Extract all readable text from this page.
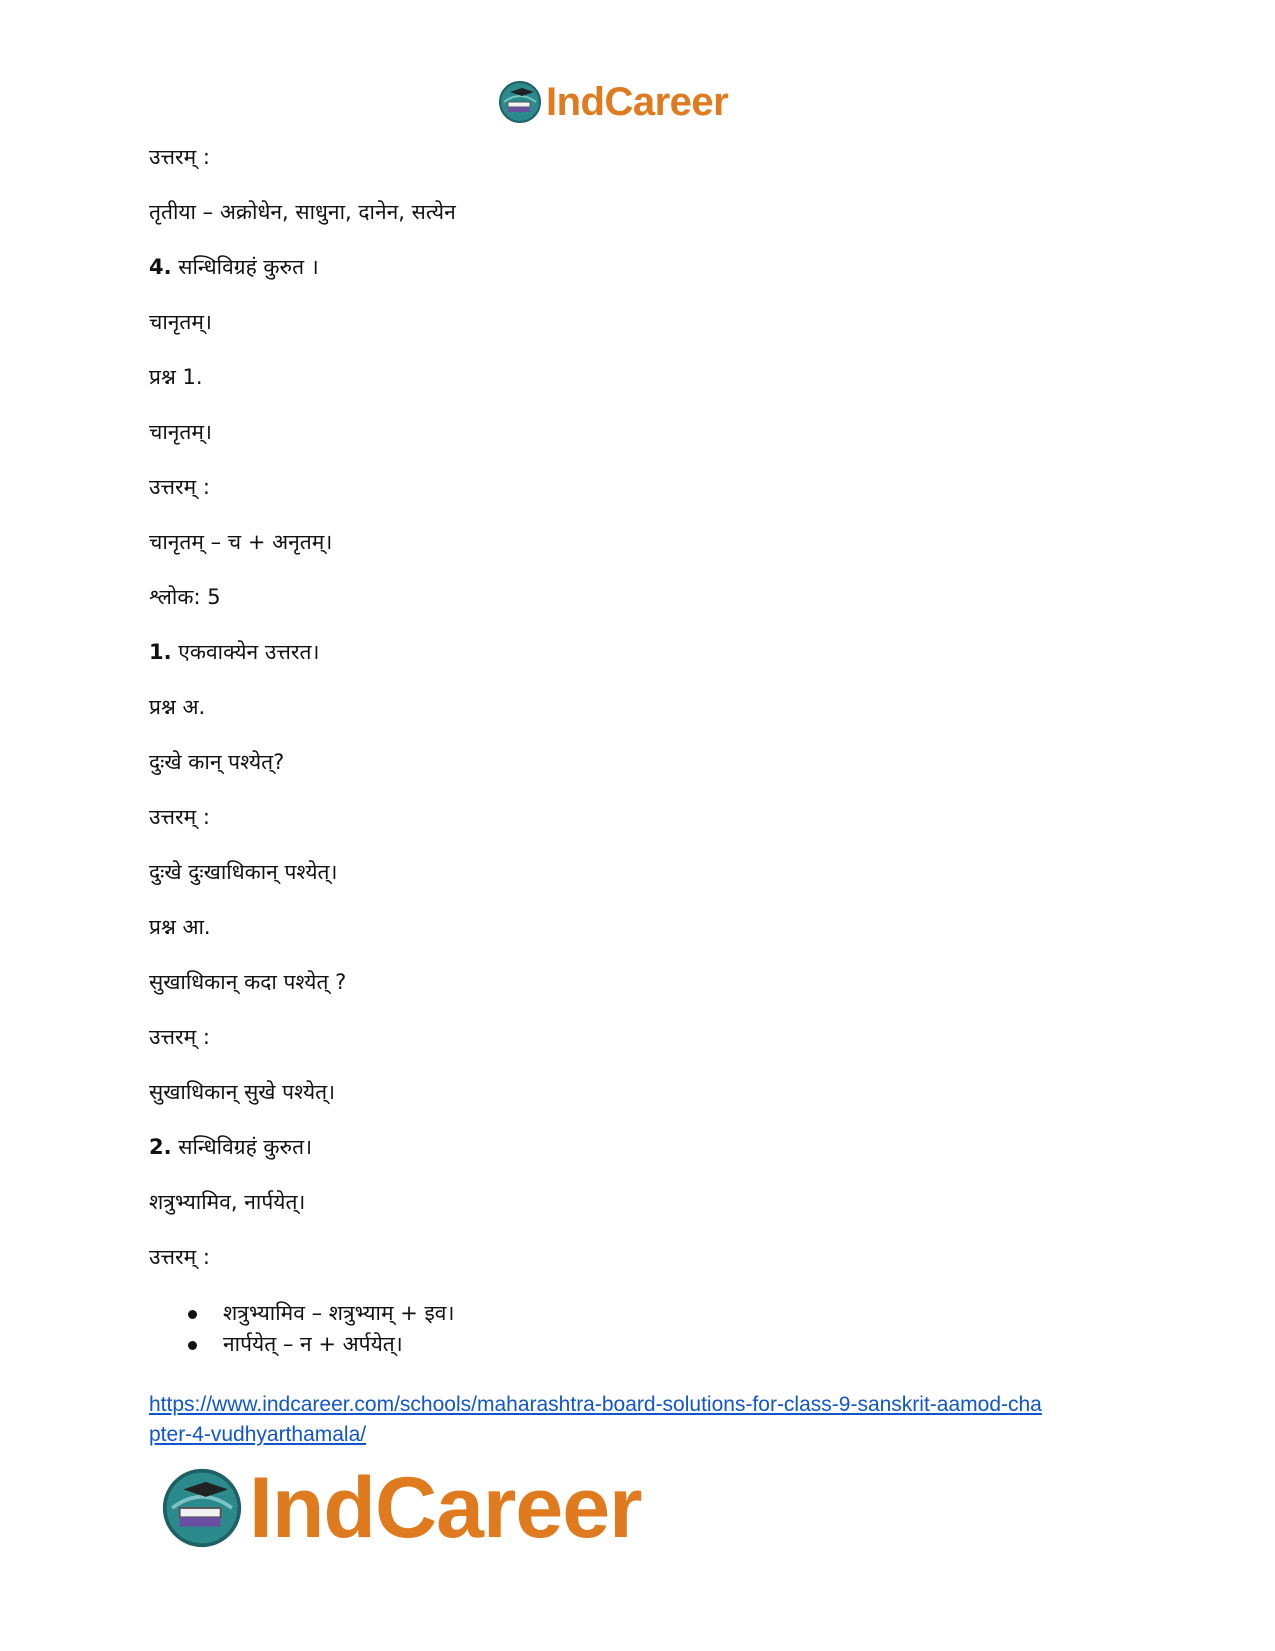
IndCareer
उत्तरम् :
तृतीया – अक्रोधेन, साधुना, दानेन, सत्येन
4. सन्धिविग्रहं कुरुत ।
चानृतम्।
प्रश्न 1.
चानृतम्।
उत्तरम् :
चानृतम् – च + अनृतम्।
श्लोक: 5
1. एकवाक्येन उत्तरत।
प्रश्न अ.
दुःखे कान् पश्येत्?
उत्तरम् :
दुःखे दुःखाधिकान् पश्येत्।
प्रश्न आ.
सुखाधिकान् कदा पश्येत् ?
उत्तरम् :
सुखाधिकान् सुखे पश्येत्।
2. सन्धिविग्रहं कुरुत।
शत्रुभ्यामिव, नार्पयेत्।
उत्तरम् :
शत्रुभ्यामिव – शत्रुभ्याम् + इव।
नार्पयेत् – न + अर्पयेत्।
https://www.indcareer.com/schools/maharashtra-board-solutions-for-class-9-sanskrit-aamod-cha
pter-4-vudhyarthamala/
IndCareer
